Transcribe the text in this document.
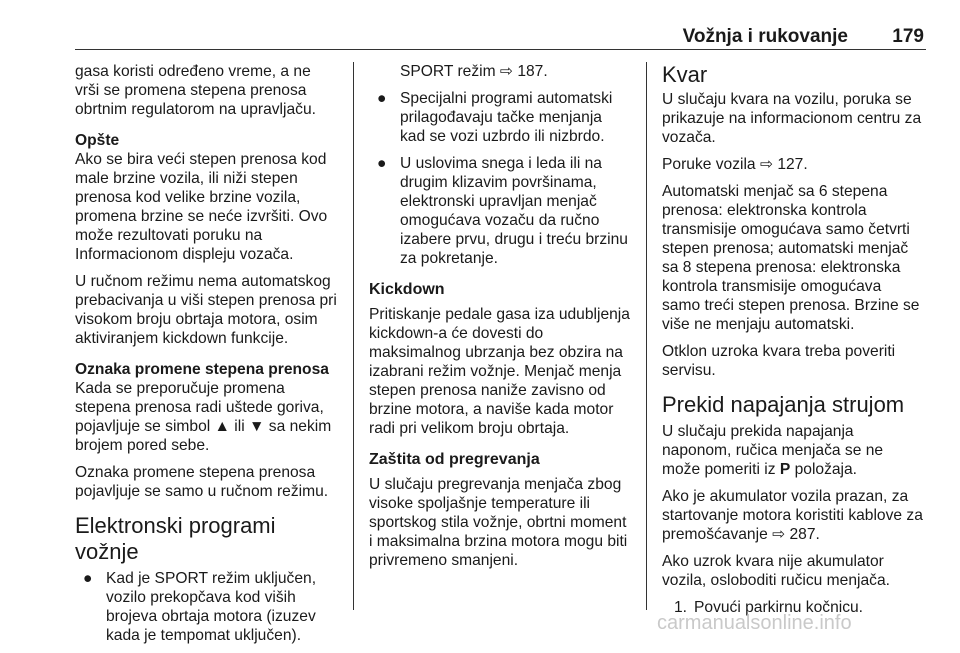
Vožnja i rukovanje 179

gasa koristi određeno vreme, a ne
vrši se promena stepena prenosa
obrtnim regulatorom na upravljaču.

Opšte

Ako se bira veći stepen prenosa kod
male brzine vozila, ili niži stepen
prenosa kod velike brzine vozila,
promena brzine se neće izvršiti. Ovo
može rezultovati poruku na
Informacionom displeju vozača.

U ručnom režimu nema automatskog
prebacivanja u viši stepen prenosa pri
visokom broju obrtaja motora, osim
aktiviranjem kickdown funkcije.

Oznaka promene stepena prenosa

Kada se preporučuje promena
stepena prenosa radi uštede goriva,
pojavljuje se simbol ▲ ili ▼ sa nekim
brojem pored sebe.

Oznaka promene stepena prenosa
pojavljuje se samo u ručnom režimu.

Elektronski programi vožnje
● Kad je SPORT režim uključen,
vozilo prekopčava kod viših
brojeva obrtaja motora (izuzev
kada je tempomat uključen).

SPORT režim ⇨ 187.

● Specijalni programi automatski
prilagođavaju tačke menjanja
kad se vozi uzbrdo ili nizbrdo.
● U uslovima snega i leda ili na
drugim klizavim površinama,
elektronski upravljan menjač
omogućava vozaču da ručno
izabere prvu, drugu i treću brzinu
za pokretanje.
Kickdown

Pritiskanje pedale gasa iza udubljenja
kickdown-a će dovesti do
maksimalnog ubrzanja bez obzira na
izabrani režim vožnje. Menjač menja
stepen prenosa naniže zavisno od
brzine motora, a naviše kada motor
radi pri velikom broju obrtaja.

Zaštita od pregrevanja

U slučaju pregrevanja menjača zbog
visoke spoljašnje temperature ili
sportskog stila vožnje, obrtni moment
i maksimalna brzina motora mogu biti
privremeno smanjeni.

Kvar

U slučaju kvara na vozilu, poruka se
prikazuje na informacionom centru za
vozača.

Poruke vozila ⇨ 127.

Automatski menjač sa 6 stepena
prenosa: elektronska kontrola
transmisije omogućava samo četvrti
stepen prenosa; automatski menjač
sa 8 stepena prenosa: elektronska
kontrola transmisije omogućava
samo treći stepen prenosa. Brzine se
više ne menjaju automatski.

Otklon uzroka kvara treba poveriti
servisu.

Prekid napajanja strujom

U slučaju prekida napajanja
naponom, ručica menjača se ne
može pomeriti iz P položaja.

Ako je akumulator vozila prazan, za
startovanje motora koristiti kablove za
premošćavanje ⇨ 287.

Ako uzrok kvara nije akumulator
vozila, osloboditi ručicu menjača.

1. Povući parkirnu kočnicu.
carmanualsonline.info
